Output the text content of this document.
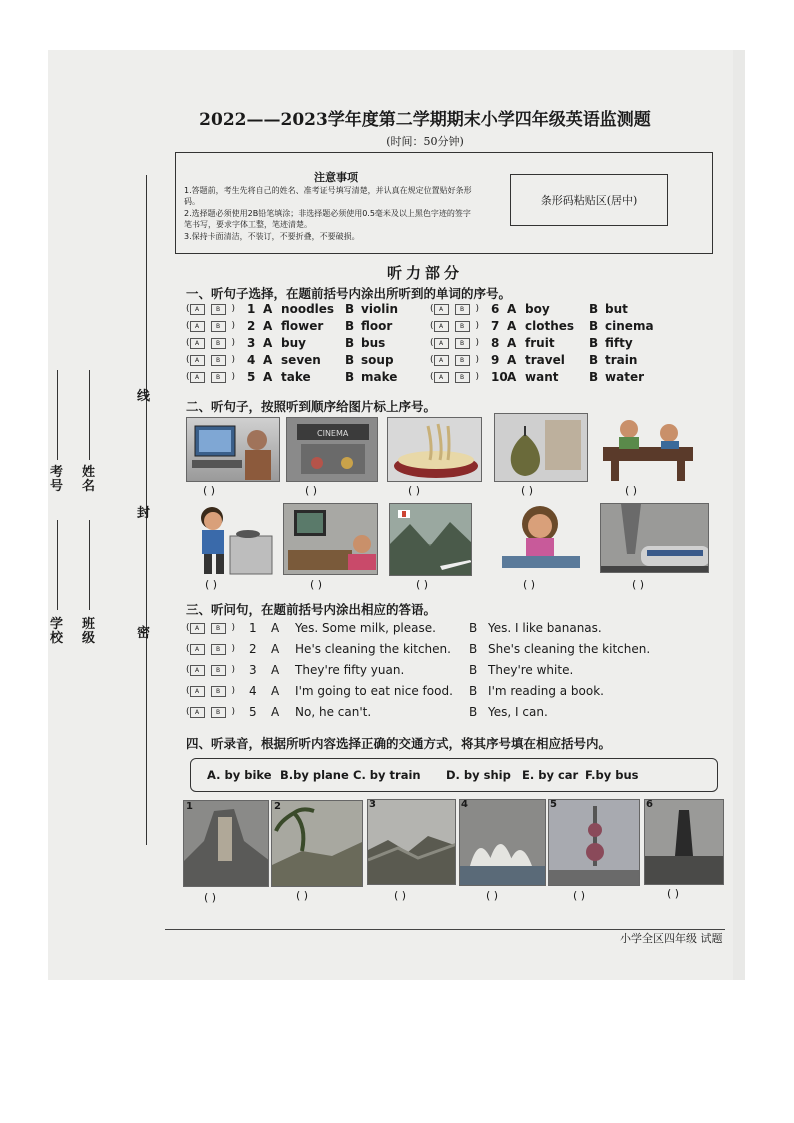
2022——2023学年度第二学期期末小学四年级英语监测题
(时间：50分钟)
注意事项
1.答题前，考生先将自己的姓名、准考证号填写清楚，并认真在规定位置贴好条形码。
2.选择题必须使用2B铅笔填涂；非选择题必须使用0.5毫米及以上黑色字迹的签字笔书写，要求字体工整，笔迹清楚。
3.保持卡面清洁，不装订，不要折叠，不要破损。
条形码粘贴区(居中)
听力部分
一、听句子选择，在题前括号内涂出所听到的单词的序号。
( A	B	) 1 A noodles B violin
( A	B	) 2 A flower	B floor
( A	B	) 3 A buy	B bus
( A	B	) 4 A seven	B soup
( A	B	) 5 A take	B make
( A	B	) 6 A boy	B but
( A	B	) 7 A clothes	B cinema
( A	B	) 8 A fruit	B fifty
( A	B	) 9 A travel	B train
( A	B	) 10 A want	B water
二、听句子，按照听到顺序给图片标上序号。
CINEMA
( )	( )	( )	( )	( )
( )	( )	( )	( )	( )
三、听问句，在题前括号内涂出相应的答语。
( A	B	) 1	A	Yes. Some milk, please.	B Yes. I like bananas.
( A	B	) 2	A	He's cleaning the kitchen.	B She's cleaning the kitchen.
( A	B	) 3	A	They're fifty yuan.	B They're white.
( A	B	) 4	A	I'm going to eat nice food.	B I'm reading a book.
( A	B	) 5	A	No, he can't.	B Yes, I can.
四、听录音，根据所听内容选择正确的交通方式，将其序号填在相应括号内。
A. by bike B.by plane C. by train D. by ship E. by car F.by bus
1
( )
2
( )
3
( )
4
( )
5
( )
6
( )
线
封
密
考号
姓名
学校
班级
小学全区四年级 试题
